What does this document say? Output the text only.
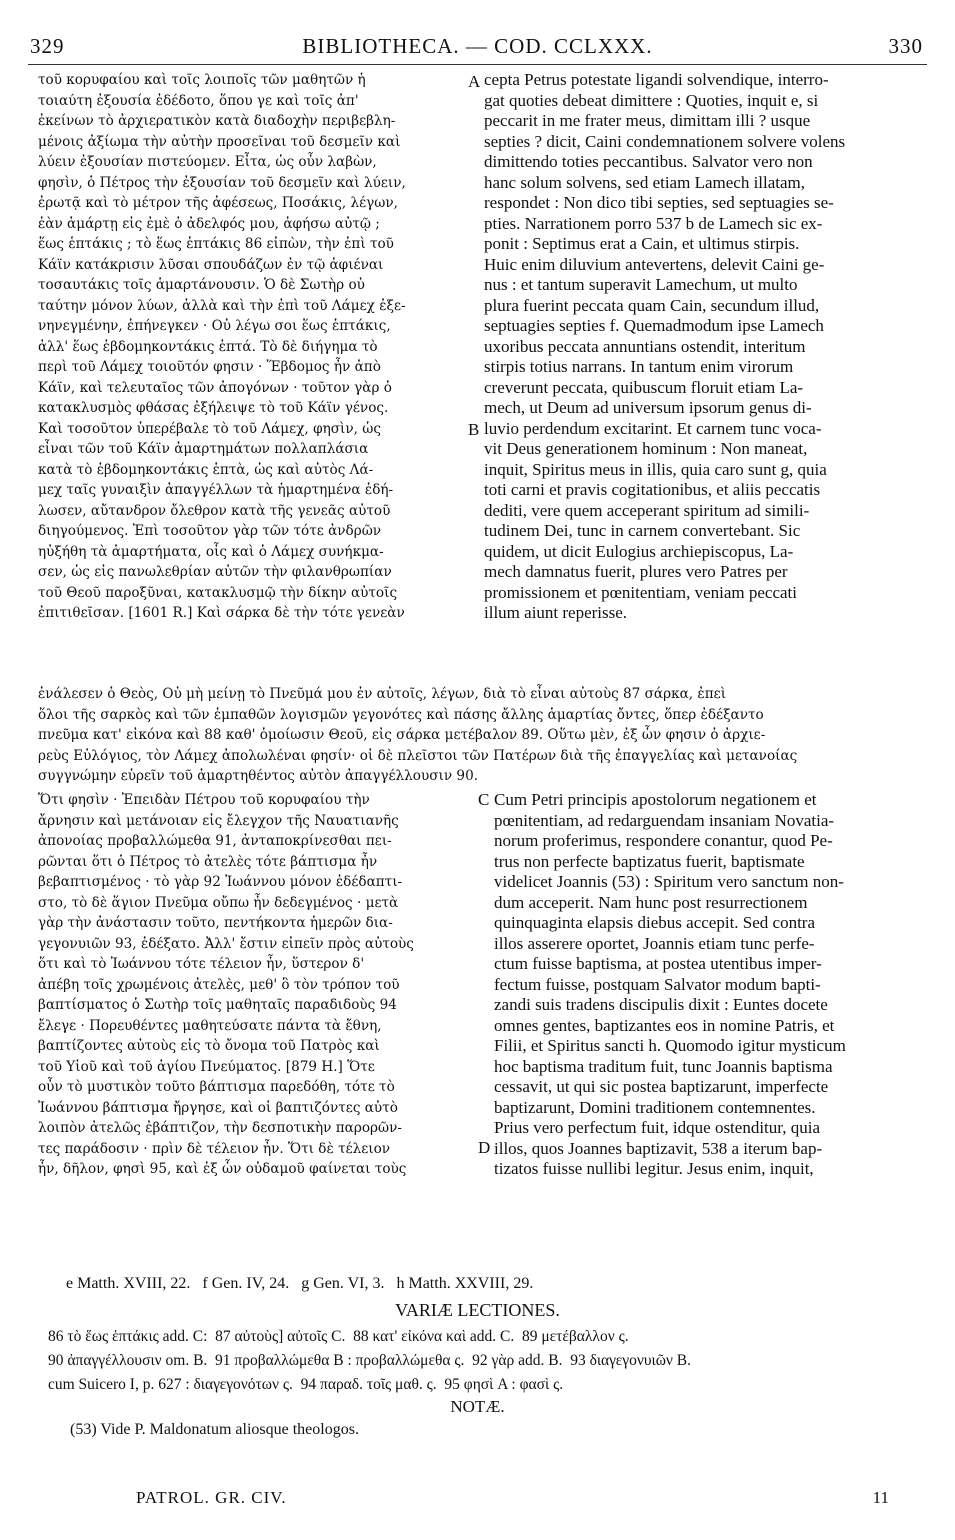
329	BIBLIOTHECA. — COD. CCLXXX.	330
τοῦ κορυφαίου καὶ τοῖς λοιποῖς τῶν μαθητῶν ἡ
τοιαύτη ἐξουσία ἐδέδοτο, ὅπου γε καὶ τοῖς ἀπ'
ἐκείνων τὸ ἀρχιερατικὸν κατὰ διαδοχὴν περιβεβλη-
μένοις ἀξίωμα τὴν αὐτὴν προσεῖναι τοῦ δεσμεῖν καὶ
λύειν ἐξουσίαν πιστεύομεν. Εἶτα, ὡς οὖν λαβὼν,
φησὶν, ὁ Πέτρος τὴν ἐξουσίαν τοῦ δεσμεῖν καὶ λύειν,
ἐρωτᾷ καὶ τὸ μέτρον τῆς ἀφέσεως, Ποσάκις, λέγων,
ἐὰν ἁμάρτῃ εἰς ἐμὲ ὁ ἀδελφός μου, ἀφήσω αὐτῷ ;
ἕως ἑπτάκις ; τὸ ἕως ἑπτάκις 86 εἰπὼν, τὴν ἐπὶ τοῦ
Κάϊν κατάκρισιν λῦσαι σπουδάζων ἐν τῷ ἀφιέναι
τοσαυτάκις τοῖς ἁμαρτάνουσιν. Ὁ δὲ Σωτὴρ οὐ
ταύτην μόνον λύων, ἀλλὰ καὶ τὴν ἐπὶ τοῦ Λάμεχ ἐξε-
νηνεγμένην, ἐπήνεγκεν · Οὐ λέγω σοι ἕως ἑπτάκις,
ἀλλ' ἕως ἑβδομηκοντάκις ἑπτά. Τὸ δὲ διήγημα τὸ
περὶ τοῦ Λάμεχ τοιοῦτόν φησιν · Ἕβδομος ἦν ἀπὸ
Κάϊν, καὶ τελευταῖος τῶν ἀπογόνων · τοῦτον γὰρ ὁ
κατακλυσμὸς φθάσας ἐξήλειψε τὸ τοῦ Κάϊν γένος.
Καὶ τοσοῦτον ὑπερέβαλε τὸ τοῦ Λάμεχ, φησὶν, ὡς
εἶναι τῶν τοῦ Κάϊν ἁμαρτημάτων πολλαπλάσια
κατὰ τὸ ἑβδομηκοντάκις ἑπτὰ, ὡς καὶ αὐτὸς Λά-
μεχ ταῖς γυναιξὶν ἀπαγγέλλων τὰ ἡμαρτημένα ἐδή-
λωσεν, αὔτανδρον ὄλεθρον κατὰ τῆς γενεᾶς αὐτοῦ
διηγούμενος. Ἐπὶ τοσοῦτον γὰρ τῶν τότε ἀνδρῶν
ηὐξήθη τὰ ἁμαρτήματα, οἷς καὶ ὁ Λάμεχ συνήκμα-
σεν, ὡς εἰς πανωλεθρίαν αὐτῶν τὴν φιλανθρωπίαν
τοῦ Θεοῦ παροξῦναι, κατακλυσμῷ τὴν δίκην αὐτοῖς
ἐπιτιθεῖσαν. [1601 R.] Καὶ σάρκα δὲ τὴν τότε γενεὰν
cepta Petrus potestate ligandi solvendique, interro-
gat quoties debeat dimittere : Quoties, inquit e, si
peccarit in me frater meus, dimittam illi ? usque
septies ? dicit, Caini condemnationem solvere volens
dimittendo toties peccantibus. Salvator vero non
hanc solum solvens, sed etiam Lamech illatam,
respondet : Non dico tibi septies, sed septuagies se-
pties. Narrationem porro 537 b de Lamech sic ex-
ponit : Septimus erat a Cain, et ultimus stirpis.
Huic enim diluvium antevertens, delevit Caini ge-
nus : et tantum superavit Lamechum, ut multo
plura fuerint peccata quam Cain, secundum illud,
septuagies septies f. Quemadmodum ipse Lamech
uxoribus peccata annuntians ostendit, interitum
stirpis totius narrans. In tantum enim virorum
creverunt peccata, quibuscum floruit etiam La-
mech, ut Deum ad universum ipsorum genus di-
luvio perdendum excitarint. Et carnem tunc voca-
vit Deus generationem hominum : Non maneat,
inquit, Spiritus meus in illis, quia caro sunt g, quia
toti carni et pravis cogitationibus, et aliis peccatis
dediti, vere quem acceperant spiritum ad simili-
tudinem Dei, tunc in carnem convertebant. Sic
quidem, ut dicit Eulogius archiepiscopus, La-
mech damnatus fuerit, plures vero Patres per
promissionem et pœnitentiam, veniam peccati
illum aiunt reperisse.
A
B
C
D
ἐνάλεσεν ὁ Θεὸς, Οὐ μὴ μείνῃ τὸ Πνεῦμά μου ἐν αὐτοῖς, λέγων, διὰ τὸ εἶναι αὐτοὺς 87 σάρκα, ἐπεὶ
ὅλοι τῆς σαρκὸς καὶ τῶν ἐμπαθῶν λογισμῶν γεγονότες καὶ πάσης ἄλλης ἁμαρτίας ὄντες, ὅπερ ἐδέξαντο
πνεῦμα κατ' εἰκόνα καὶ 88 καθ' ὁμοίωσιν Θεοῦ, εἰς σάρκα μετέβαλον 89. Οὕτω μὲν, ἐξ ὧν φησιν ὁ ἀρχιε-
ρεὺς Εὐλόγιος, τὸν Λάμεχ ἀπολωλέναι φησίν· οἱ δὲ πλεῖστοι τῶν Πατέρων διὰ τῆς ἐπαγγελίας καὶ μετανοίας
συγγνώμην εὑρεῖν τοῦ ἁμαρτηθέντος αὐτὸν ἀπαγγέλλουσιν 90.
Ὅτι φησὶν · Ἐπειδὰν Πέτρου τοῦ κορυφαίου τὴν
ἄρνησιν καὶ μετάνοιαν εἰς ἔλεγχον τῆς Ναυατιανῆς
ἀπονοίας προβαλλώμεθα 91, ἀνταποκρίνεσθαι πει-
ρῶνται ὅτι ὁ Πέτρος τὸ ἀτελὲς τότε βάπτισμα ἦν
βεβαπτισμένος · τὸ γὰρ 92 Ἰωάννου μόνον ἐδέδαπτι-
στο, τὸ δὲ ἅγιον Πνεῦμα οὔπω ἦν δεδεγμένος · μετὰ
γὰρ τὴν ἀνάστασιν τοῦτο, πεντήκοντα ἡμερῶν δια-
γεγονυιῶν 93, ἐδέξατο. Ἀλλ' ἔστιν εἰπεῖν πρὸς αὐτοὺς
ὅτι καὶ τὸ Ἰωάννου τότε τέλειον ἦν, ὕστερον δ'
ἀπέβη τοῖς χρωμένοις ἀτελὲς, μεθ' ὃ τὸν τρόπον τοῦ
βαπτίσματος ὁ Σωτὴρ τοῖς μαθηταῖς παραδιδοὺς 94
ἔλεγε · Πορευθέντες μαθητεύσατε πάντα τὰ ἔθνη,
βαπτίζοντες αὐτοὺς εἰς τὸ ὄνομα τοῦ Πατρὸς καὶ
τοῦ Υἱοῦ καὶ τοῦ ἁγίου Πνεύματος. [879 H.] Ὅτε
οὖν τὸ μυστικὸν τοῦτο βάπτισμα παρεδόθη, τότε τὸ
Ἰωάννου βάπτισμα ἤργησε, καὶ οἱ βαπτιζόντες αὐτὸ
λοιπὸν ἀτελῶς ἐβάπτιζον, τὴν δεσποτικὴν παρορῶν-
τες παράδοσιν · πρὶν δὲ τέλειον ἦν. Ὅτι δὲ τέλειον
ἦν, δῆλον, φησὶ 95, καὶ ἐξ ὧν οὐδαμοῦ φαίνεται τοὺς
Cum Petri principis apostolorum negationem et
pœnitentiam, ad redarguendam insaniam Novatia-
norum proferimus, respondere conantur, quod Pe-
trus non perfecte baptizatus fuerit, baptismate
videlicet Joannis (53) : Spiritum vero sanctum non-
dum acceperit. Nam hunc post resurrectionem
quinquaginta elapsis diebus accepit. Sed contra
illos asserere oportet, Joannis etiam tunc perfe-
ctum fuisse baptisma, at postea utentibus imper-
fectum fuisse, postquam Salvator modum bapti-
zandi suis tradens discipulis dixit : Euntes docete
omnes gentes, baptizantes eos in nomine Patris, et
Filii, et Spiritus sancti h. Quomodo igitur mysticum
hoc baptisma traditum fuit, tunc Joannis baptisma
cessavit, ut qui sic postea baptizarunt, imperfecte
baptizarunt, Domini traditionem contemnentes.
Prius vero perfectum fuit, idque ostenditur, quia
illos, quos Joannes baptizavit, 538 a iterum bap-
tizatos fuisse nullibi legitur. Jesus enim, inquit,
e Matth. XVIII, 22.   f Gen. IV, 24.   g Gen. VI, 3.   h Matth. XXVIII, 29.
VARIÆ LECTIONES.
86 τὸ ἕως ἑπτάκις add. C:  87 αὐτοὺς] αὐτοῖς C.  88 κατ' εἰκόνα καὶ add. C.  89 μετέβαλλον ς.
90 ἀπαγγέλλουσιν om. B.  91 προβαλλώμεθα B : προβαλλώμεθα ς.  92 γὰρ add. B.  93 διαγεγονυιῶν B.
cum Suicero I, p. 627 : διαγεγονότων ς.  94 παραδ. τοῖς μαθ. ς.  95 φησὶ A : φασὶ ς.
NOTÆ.
(53) Vide P. Maldonatum aliosque theologos.
PATROL. GR. CIV.	11
